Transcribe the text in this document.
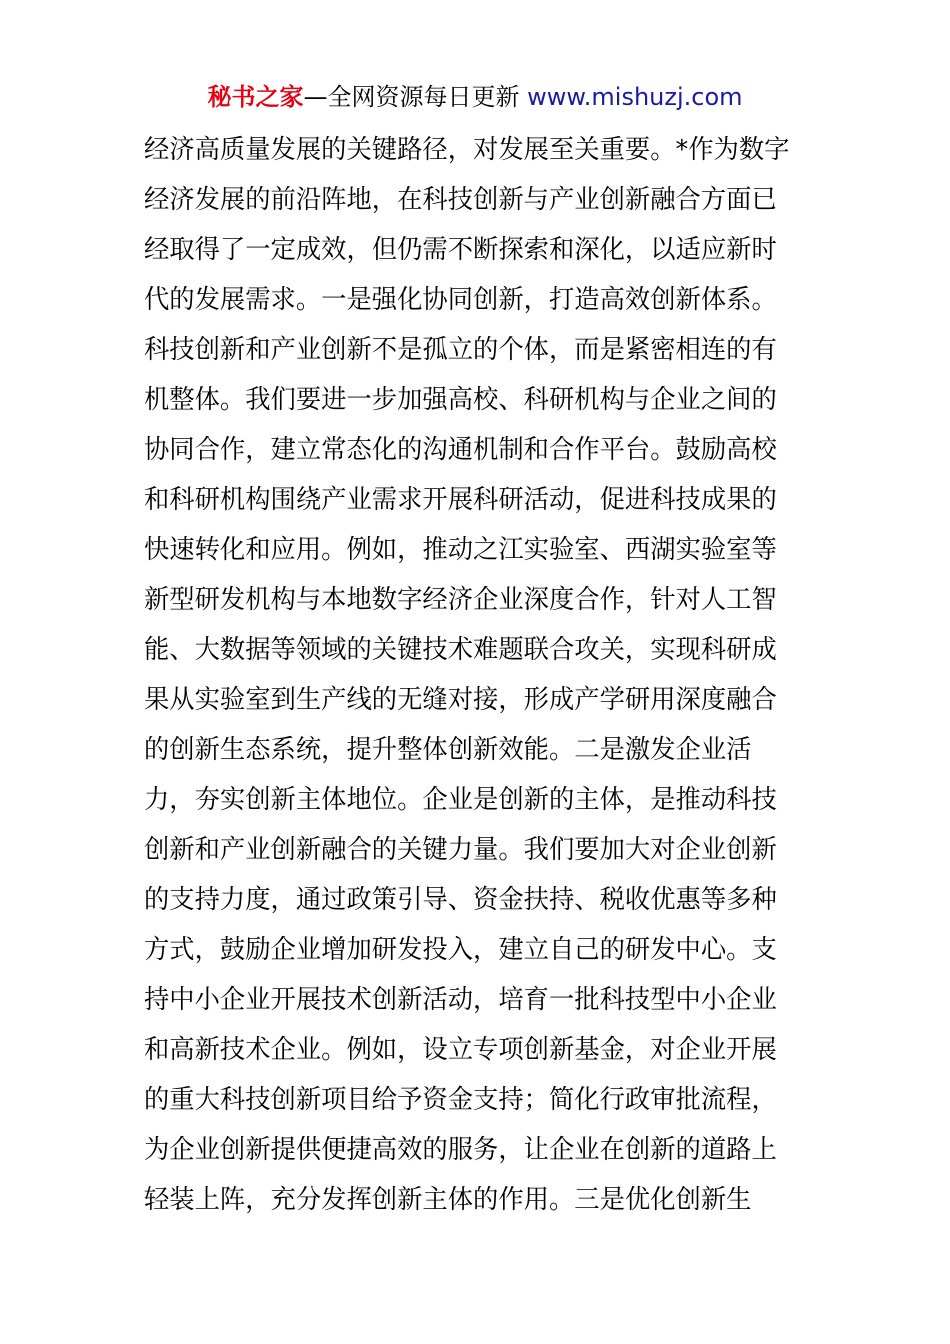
秘书之家—全网资源每日更新 www.mishuzj.com
经济高质量发展的关键路径，对发展至关重要。*作为数字
经济发展的前沿阵地，在科技创新与产业创新融合方面已
经取得了一定成效，但仍需不断探索和深化，以适应新时
代的发展需求。一是强化协同创新，打造高效创新体系。
科技创新和产业创新不是孤立的个体，而是紧密相连的有
机整体。我们要进一步加强高校、科研机构与企业之间的
协同合作，建立常态化的沟通机制和合作平台。鼓励高校
和科研机构围绕产业需求开展科研活动，促进科技成果的
快速转化和应用。例如，推动之江实验室、西湖实验室等
新型研发机构与本地数字经济企业深度合作，针对人工智
能、大数据等领域的关键技术难题联合攻关，实现科研成
果从实验室到生产线的无缝对接，形成产学研用深度融合
的创新生态系统，提升整体创新效能。二是激发企业活
力，夯实创新主体地位。企业是创新的主体，是推动科技
创新和产业创新融合的关键力量。我们要加大对企业创新
的支持力度，通过政策引导、资金扶持、税收优惠等多种
方式，鼓励企业增加研发投入，建立自己的研发中心。支
持中小企业开展技术创新活动，培育一批科技型中小企业
和高新技术企业。例如，设立专项创新基金，对企业开展
的重大科技创新项目给予资金支持；简化行政审批流程，
为企业创新提供便捷高效的服务，让企业在创新的道路上
轻装上阵，充分发挥创新主体的作用。三是优化创新生
